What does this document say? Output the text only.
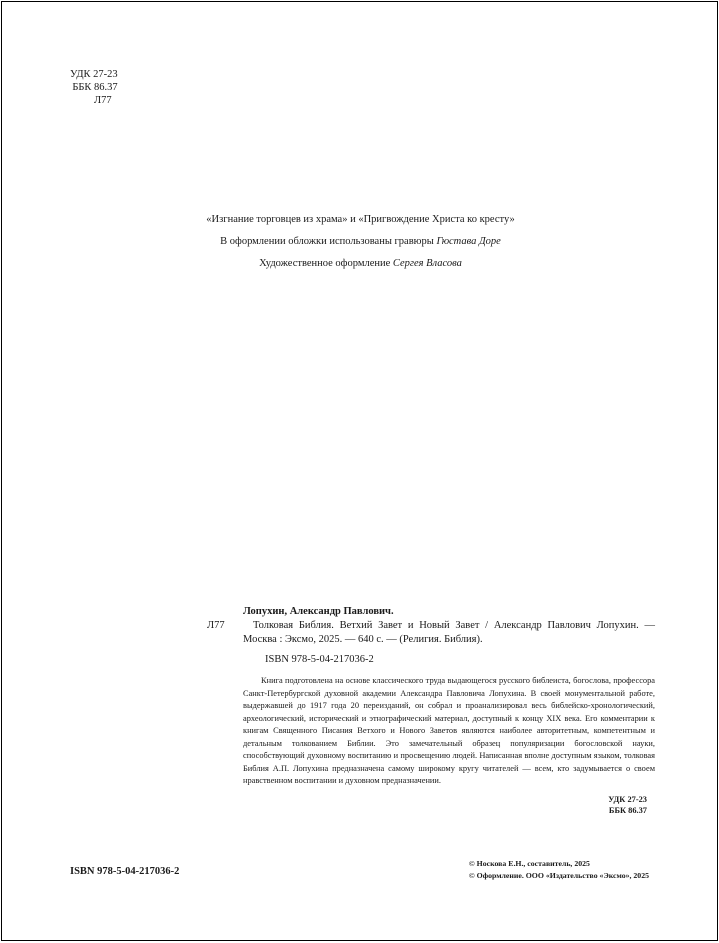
УДК 27-23
ББК 86.37
Л77
«Изгнание торговцев из храма» и «Пригвождение Христа ко кресту»
В оформлении обложки использованы гравюры Гюстава Доре
Художественное оформление Сергея Власова
Л77
Лопухин, Александр Павлович.
Толковая Библия. Ветхий Завет и Новый Завет / Александр Павлович Лопухин. — Москва : Эксмо, 2025. — 640 с. — (Религия. Библия).
ISBN 978-5-04-217036-2
Книга подготовлена на основе классического труда выдающегося русского библеиста, богослова, профессора Санкт-Петербургской духовной академии Александра Павловича Лопухина. В своей монументальной работе, выдержавшей до 1917 года 20 переизданий, он собрал и проанализировал весь библейско-хронологический, археологический, исторический и этнографический материал, доступный к концу XIX века. Его комментарии к книгам Священного Писания Ветхого и Нового Заветов являются наиболее авторитетным, компетентным и детальным толкованием Библии. Это замечательный образец популяризации богословской науки, способствующий духовному воспитанию и просвещению людей. Написанная вполне доступным языком, толковая Библия А.П. Лопухина предназначена самому широкому кругу читателей — всем, кто задумывается о своем нравственном воспитании и духовном предназначении.
УДК 27-23
ББК 86.37
ISBN 978-5-04-217036-2
© Носкова Е.Н., составитель, 2025
© Оформление. ООО «Издательство «Эксмо», 2025
